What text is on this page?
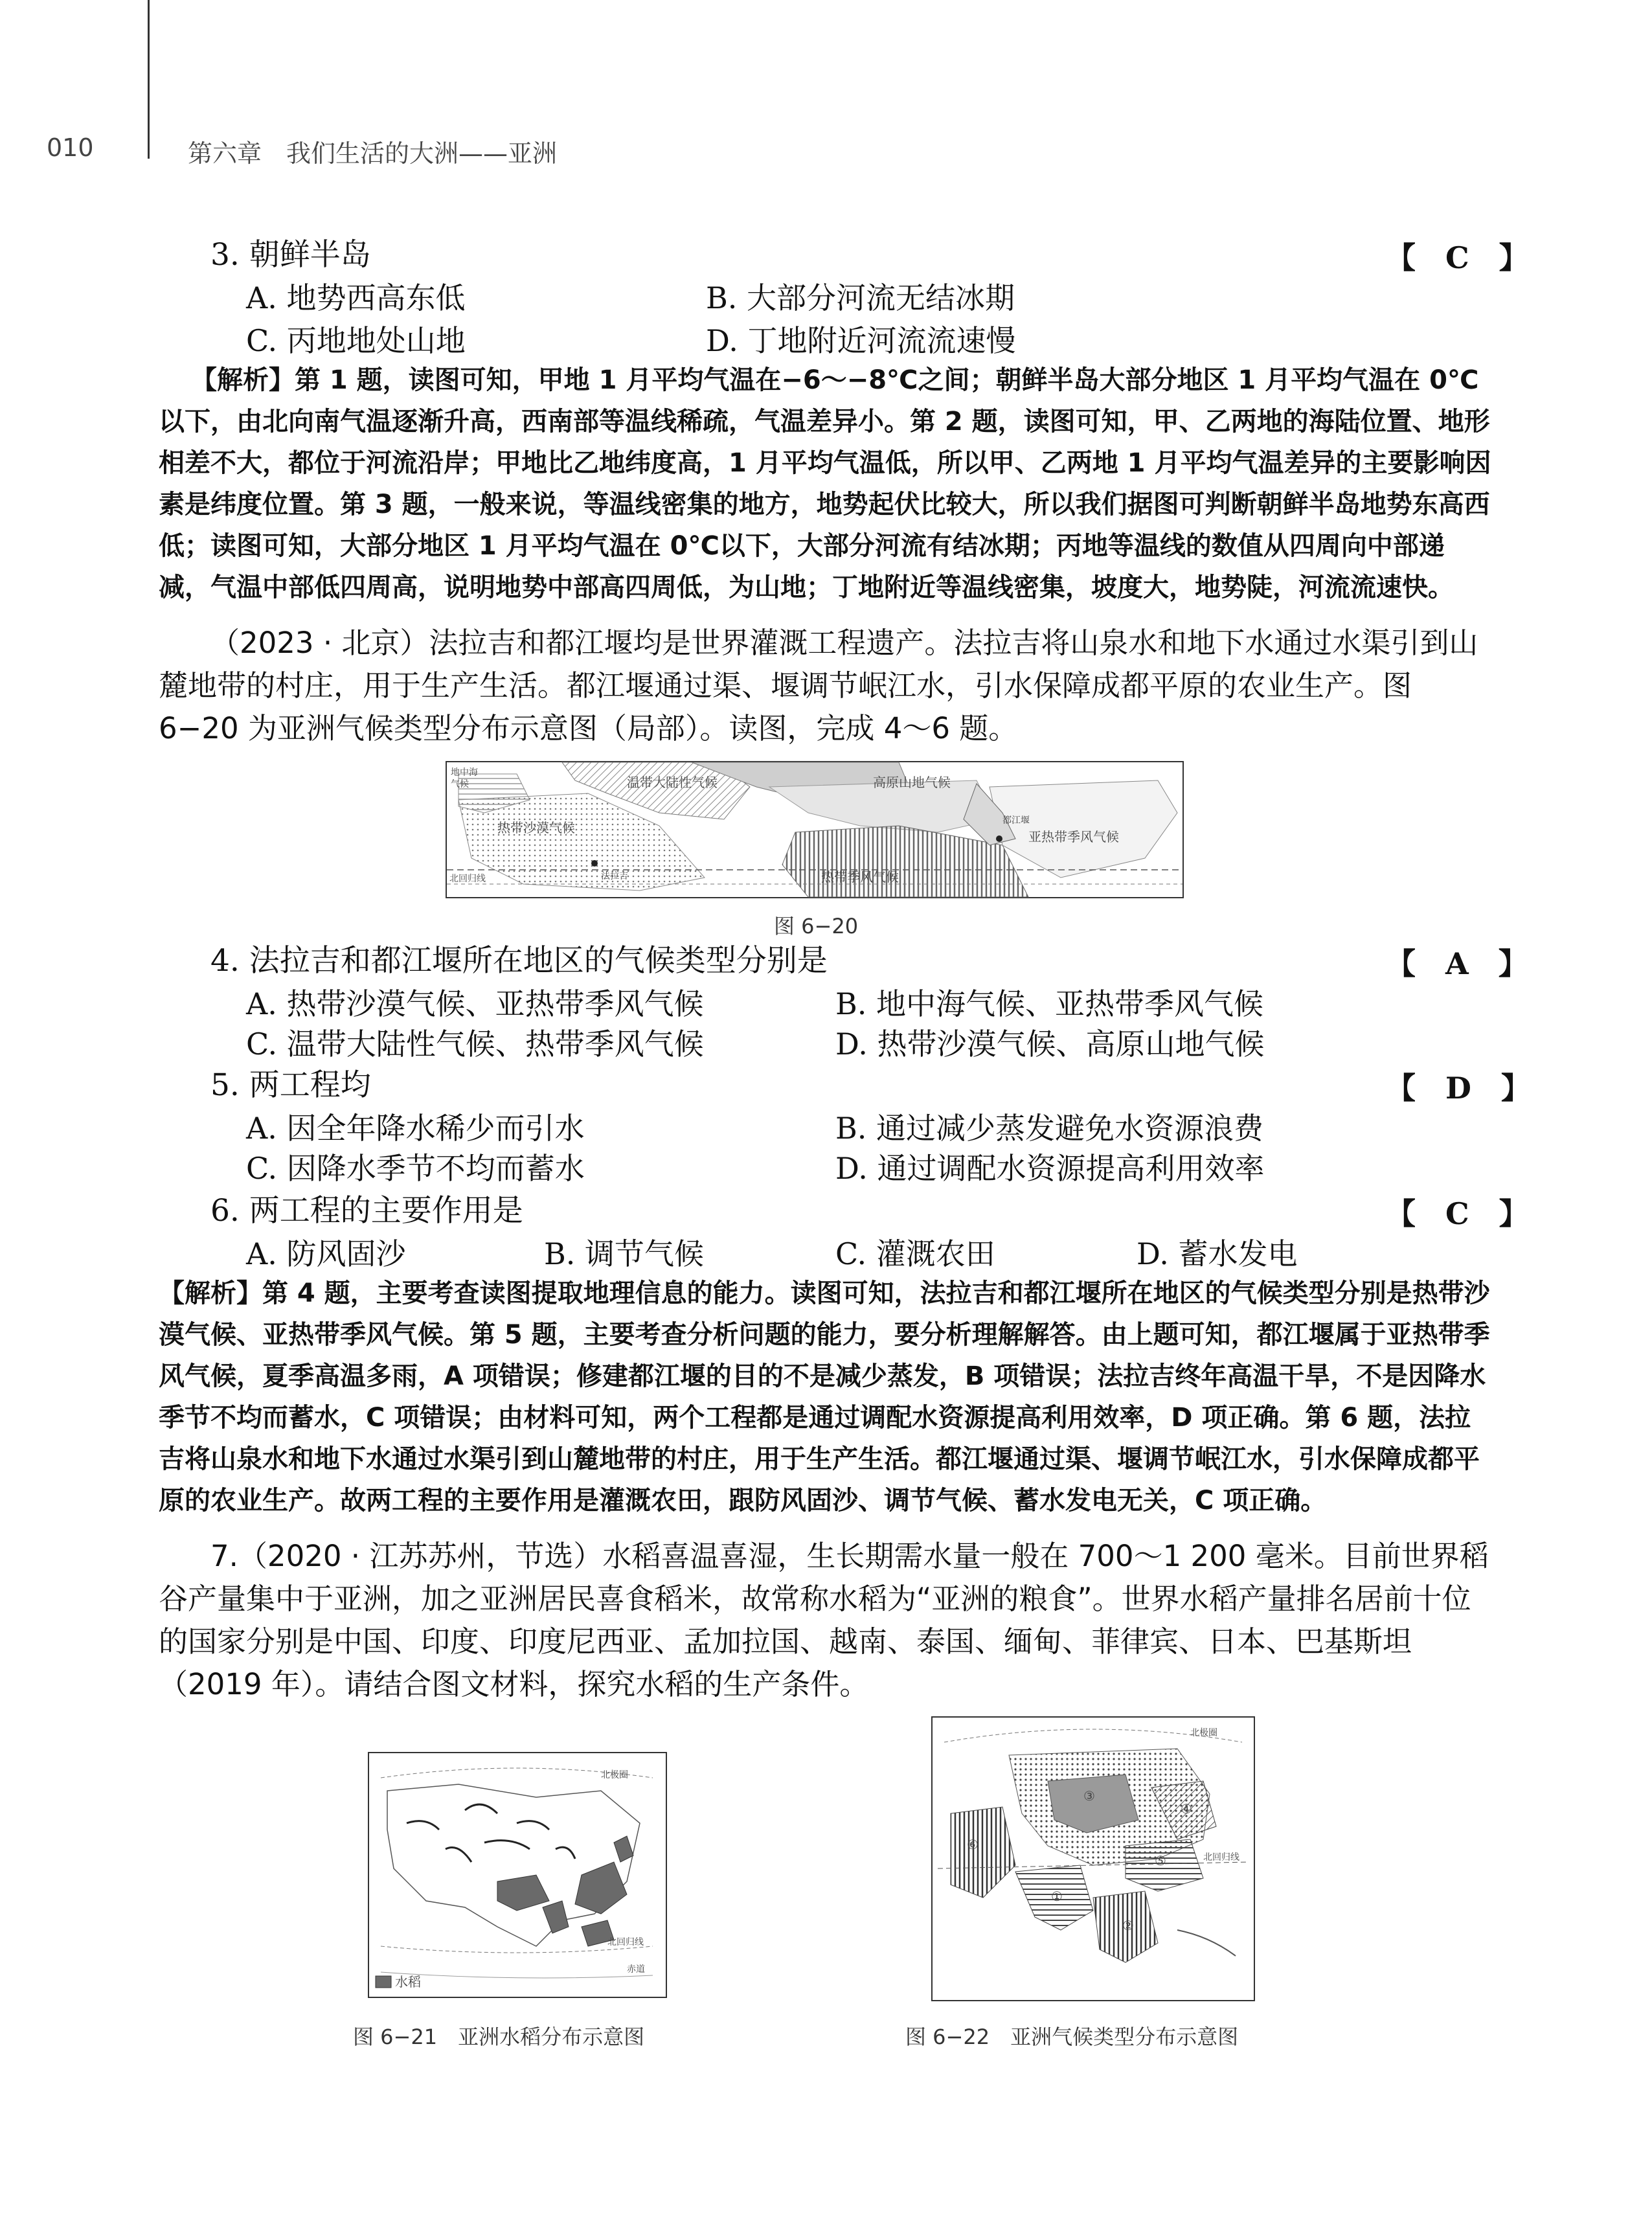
010	第六章　我们生活的大洲——亚洲
3. 朝鲜半岛	【　C　】
A. 地势西高东低	B. 大部分河流无结冰期
C. 丙地地处山地	D. 丁地附近河流流速慢
【解析】第 1 题，读图可知，甲地 1 月平均气温在−6～−8℃之间；朝鲜半岛大部分地区 1 月平均气温在 0℃以下，由北向南气温逐渐升高，西南部等温线稀疏，气温差异小。第 2 题，读图可知，甲、乙两地的海陆位置、地形相差不大，都位于河流沿岸；甲地比乙地纬度高，1 月平均气温低，所以甲、乙两地 1 月平均气温差异的主要影响因素是纬度位置。第 3 题，一般来说，等温线密集的地方，地势起伏比较大，所以我们据图可判断朝鲜半岛地势东高西低；读图可知，大部分地区 1 月平均气温在 0℃以下，大部分河流有结冰期；丙地等温线的数值从四周向中部递减，气温中部低四周高，说明地势中部高四周低，为山地；丁地附近等温线密集，坡度大，地势陡，河流流速快。
（2023 · 北京）法拉吉和都江堰均是世界灌溉工程遗产。法拉吉将山泉水和地下水通过水渠引到山麓地带的村庄，用于生产生活。都江堰通过渠、堰调节岷江水，引水保障成都平原的农业生产。图 6−20 为亚洲气候类型分布示意图（局部）。读图，完成 4～6 题。
地中海
气候	温带大陆性气候	高原山地气候
热带沙漠气候	都江堰
法拉吉
亚热带季风气候
热带季风气候
北回归线
图 6−20
4. 法拉吉和都江堰所在地区的气候类型分别是	【　A　】
A. 热带沙漠气候、亚热带季风气候	B. 地中海气候、亚热带季风气候
C. 温带大陆性气候、热带季风气候	D. 热带沙漠气候、高原山地气候
5. 两工程均	【　D　】
A. 因全年降水稀少而引水	B. 通过减少蒸发避免水资源浪费
C. 因降水季节不均而蓄水	D. 通过调配水资源提高利用效率
6. 两工程的主要作用是	【　C　】
A. 防风固沙	B. 调节气候	C. 灌溉农田	D. 蓄水发电
【解析】第 4 题，主要考查读图提取地理信息的能力。读图可知，法拉吉和都江堰所在地区的气候类型分别是热带沙漠气候、亚热带季风气候。第 5 题，主要考查分析问题的能力，要分析理解解答。由上题可知，都江堰属于亚热带季风气候，夏季高温多雨，A 项错误；修建都江堰的目的不是减少蒸发，B 项错误；法拉吉终年高温干旱，不是因降水季节不均而蓄水，C 项错误；由材料可知，两个工程都是通过调配水资源提高利用效率，D 项正确。第 6 题，法拉吉将山泉水和地下水通过水渠引到山麓地带的村庄，用于生产生活。都江堰通过渠、堰调节岷江水，引水保障成都平原的农业生产。故两工程的主要作用是灌溉农田，跟防风固沙、调节气候、蓄水发电无关，C 项正确。
7.（2020 · 江苏苏州，节选）水稻喜温喜湿，生长期需水量一般在 700～1 200 毫米。目前世界稻谷产量集中于亚洲，加之亚洲居民喜食稻米，故常称水稻为“亚洲的粮食”。世界水稻产量排名居前十位的国家分别是中国、印度、印度尼西亚、孟加拉国、越南、泰国、缅甸、菲律宾、日本、巴基斯坦（2019 年）。请结合图文材料，探究水稻的生产条件。
北极圈
北回归线
赤道
水稻
图 6−21　亚洲水稻分布示意图
③
④
⑤
⑥
①
②
北回归线
北极圈
图 6−22　亚洲气候类型分布示意图
